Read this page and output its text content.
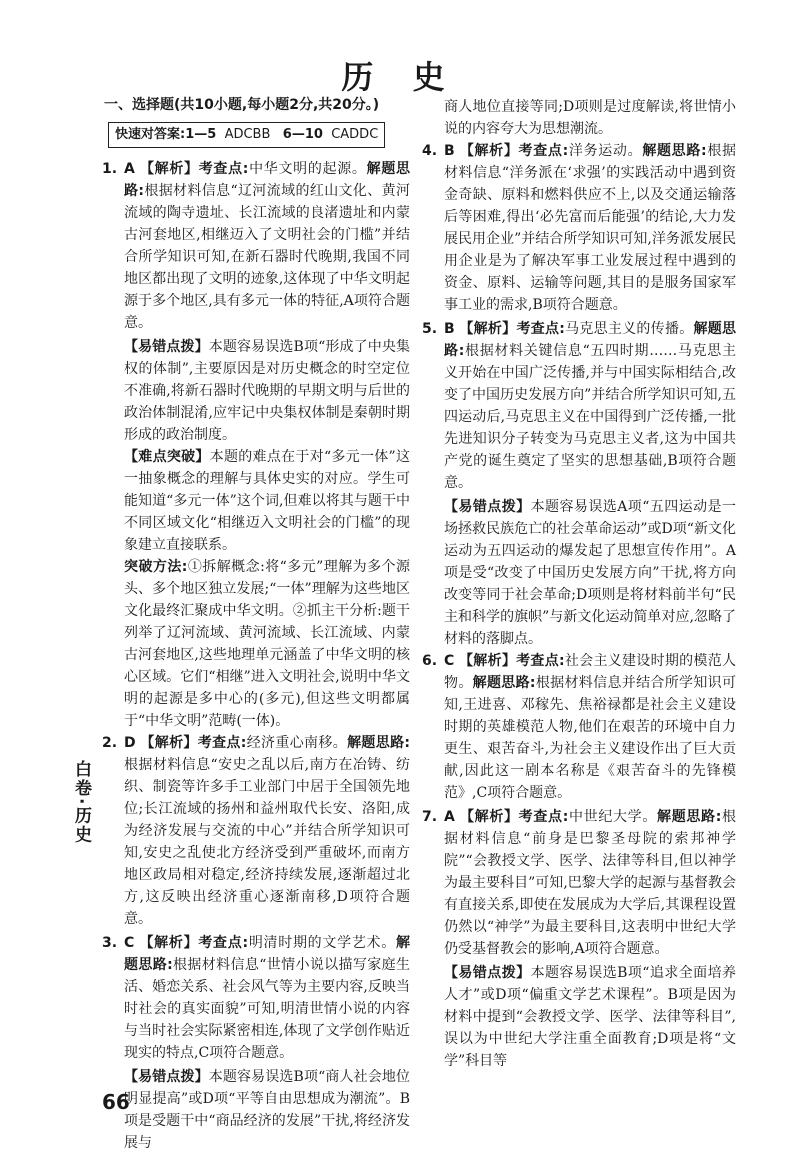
历 史
一、选择题(共10小题,每小题2分,共20分。)
快速对答案:1—5 ADCBB 6—10 CADDC
1. A 【解析】考查点:中华文明的起源。解题思路:根据材料信息“辽河流域的红山文化、黄河流域的陶寺遗址、长江流域的良渚遗址和内蒙古河套地区,相继迈入了文明社会的门槛”并结合所学知识可知,在新石器时代晚期,我国不同地区都出现了文明的迹象,这体现了中华文明起源于多个地区,具有多元一体的特征,A项符合题意。
【易错点拨】本题容易误选B项“形成了中央集权的体制”,主要原因是对历史概念的时空定位不准确,将新石器时代晚期的早期文明与后世的政治体制混淆,应牢记中央集权体制是秦朝时期形成的政治制度。
【难点突破】本题的难点在于对“多元一体”这一抽象概念的理解与具体史实的对应。学生可能知道“多元一体”这个词,但难以将其与题干中不同区域文化“相继迈入文明社会的门槛”的现象建立直接联系。
突破方法:①拆解概念:将“多元”理解为多个源头、多个地区独立发展;“一体”理解为这些地区文化最终汇聚成中华文明。②抓主干分析:题干列举了辽河流域、黄河流域、长江流域、内蒙古河套地区,这些地理单元涵盖了中华文明的核心区域。它们“相继”进入文明社会,说明中华文明的起源是多中心的(多元),但这些文明都属于“中华文明”范畴(一体)。
2. D 【解析】考查点:经济重心南移。解题思路:根据材料信息“安史之乱以后,南方在冶铸、纺织、制瓷等许多手工业部门中居于全国领先地位;长江流域的扬州和益州取代长安、洛阳,成为经济发展与交流的中心”并结合所学知识可知,安史之乱使北方经济受到严重破坏,而南方地区政局相对稳定,经济持续发展,逐渐超过北方,这反映出经济重心逐渐南移,D项符合题意。
3. C 【解析】考查点:明清时期的文学艺术。解题思路:根据材料信息“世情小说以描写家庭生活、婚恋关系、社会风气等为主要内容,反映当时社会的真实面貌”可知,明清世情小说的内容与当时社会实际紧密相连,体现了文学创作贴近现实的特点,C项符合题意。
【易错点拨】本题容易误选B项“商人社会地位明显提高”或D项“平等自由思想成为潮流”。B项是受题干中“商品经济的发展”干扰,将经济发展与
商人地位直接等同;D项则是过度解读,将世情小说的内容夸大为思想潮流。
4. B 【解析】考查点:洋务运动。解题思路:根据材料信息“洋务派在‘求强’的实践活动中遇到资金奇缺、原料和燃料供应不上,以及交通运输落后等困难,得出‘必先富而后能强’的结论,大力发展民用企业”并结合所学知识可知,洋务派发展民用企业是为了解决军事工业发展过程中遇到的资金、原料、运输等问题,其目的是服务国家军事工业的需求,B项符合题意。
5. B 【解析】考查点:马克思主义的传播。解题思路:根据材料关键信息“五四时期……马克思主义开始在中国广泛传播,并与中国实际相结合,改变了中国历史发展方向”并结合所学知识可知,五四运动后,马克思主义在中国得到广泛传播,一批先进知识分子转变为马克思主义者,这为中国共产党的诞生奠定了坚实的思想基础,B项符合题意。
【易错点拨】本题容易误选A项“五四运动是一场拯救民族危亡的社会革命运动”或D项“新文化运动为五四运动的爆发起了思想宣传作用”。A项是受“改变了中国历史发展方向”干扰,将方向改变等同于社会革命;D项则是将材料前半句“民主和科学的旗帜”与新文化运动简单对应,忽略了材料的落脚点。
6. C 【解析】考查点:社会主义建设时期的模范人物。解题思路:根据材料信息并结合所学知识可知,王进喜、邓稼先、焦裕禄都是社会主义建设时期的英雄模范人物,他们在艰苦的环境中自力更生、艰苦奋斗,为社会主义建设作出了巨大贡献,因此这一剧本名称是《艰苦奋斗的先锋模范》,C项符合题意。
7. A 【解析】考查点:中世纪大学。解题思路:根据材料信息“前身是巴黎圣母院的索邦神学院”“会教授文学、医学、法律等科目,但以神学为最主要科目”可知,巴黎大学的起源与基督教会有直接关系,即使在发展成为大学后,其课程设置仍然以“神学”为最主要科目,这表明中世纪大学仍受基督教会的影响,A项符合题意。
【易错点拨】本题容易误选B项“追求全面培养人才”或D项“偏重文学艺术课程”。B项是因为材料中提到“会教授文学、医学、法律等科目”,误以为中世纪大学注重全面教育;D项是将“文学”科目等
白卷·历史
66
